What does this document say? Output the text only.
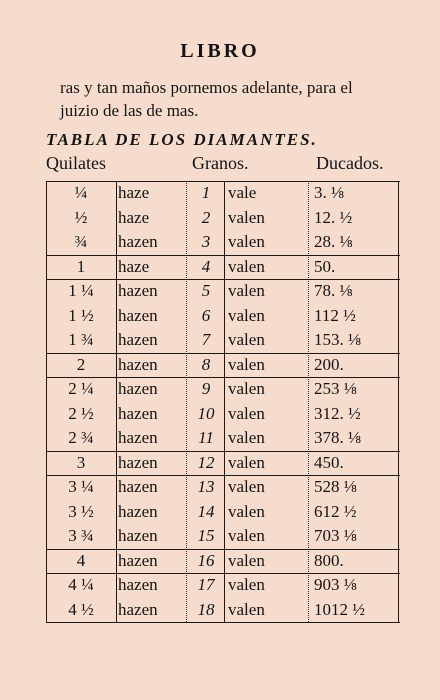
LIBRO
ras y tan maños pornemos adelante, para el
juizio de las de mas.
TABLA DE LOS DIAMANTES.
Quilates	Granos.	Ducados.
¼	haze	1	vale	3. ⅛
½	haze	2	valen	12. ½
¾	hazen	3	valen	28. ⅛
1	haze	4	valen	50.
1 ¼	hazen	5	valen	78. ⅛
1 ½	hazen	6	valen	112 ½
1 ¾	hazen	7	valen	153. ⅛
2	hazen	8	valen	200.
2 ¼	hazen	9	valen	253 ⅛
2 ½	hazen	10 valen	312. ½
2 ¾	hazen	11 valen	378. ⅛
3	hazen	12 valen	450.
3 ¼	hazen	13 valen	528 ⅛
3 ½	hazen	14 valen	612 ½
3 ¾	hazen	15 valen	703 ⅛
4	hazen	16 valen	800.
4 ¼	hazen	17 valen	903 ⅛
4 ½	hazen	18 valen	1012 ½
